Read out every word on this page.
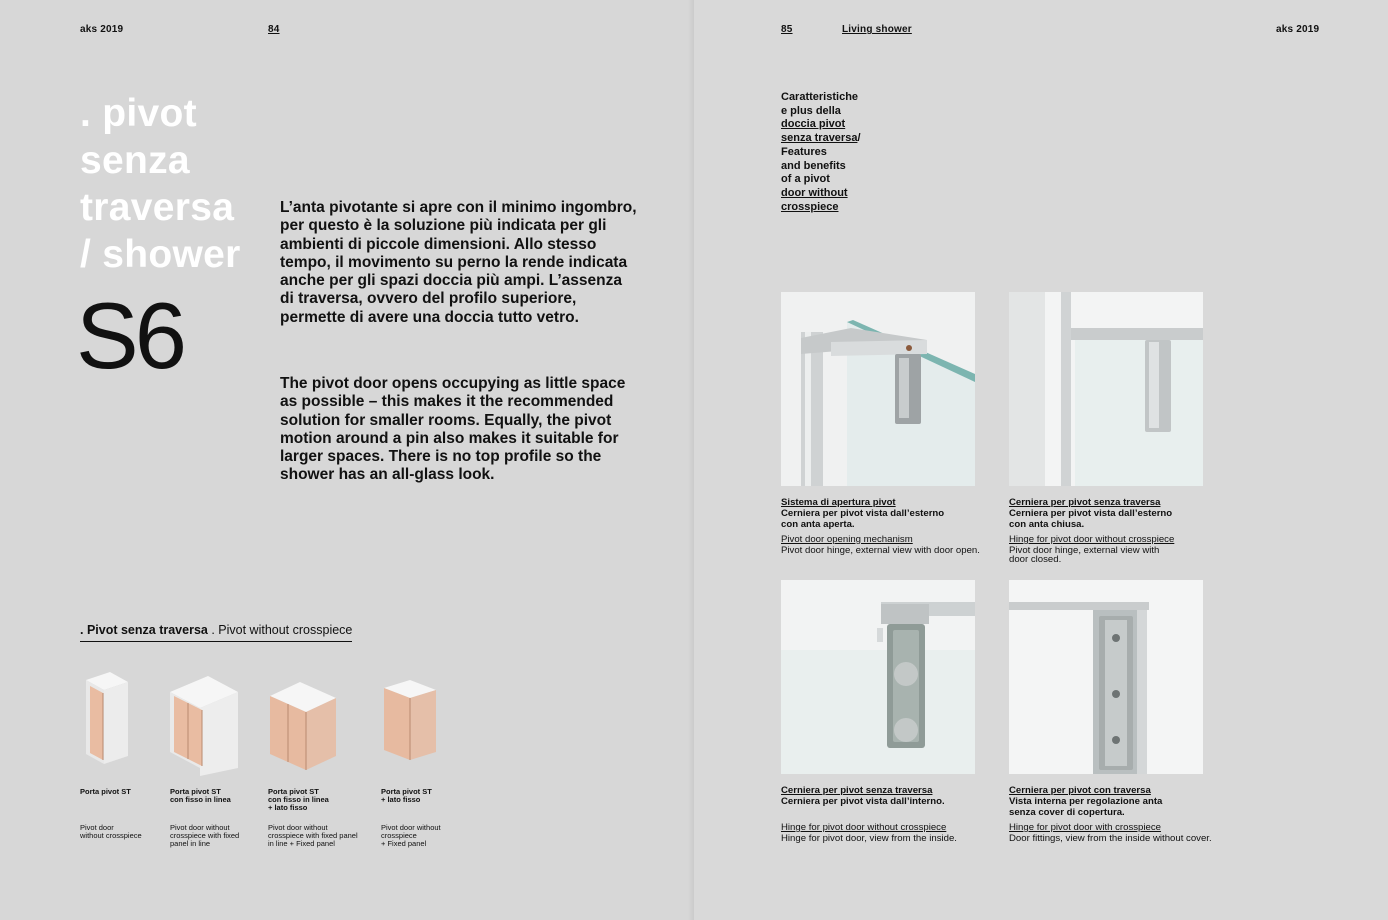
aks 2019	84
. pivot
senza
traversa
/ shower
S6
L’anta pivotante si apre con il minimo ingombro, per questo è la soluzione più indicata per gli ambienti di piccole dimensioni. Allo stesso tempo, il movimento su perno la rende indicata anche per gli spazi doccia più ampi. L’assenza di traversa, ovvero del profilo superiore, permette di avere una doccia tutto vetro.
The pivot door opens occupying as little space as possible – this makes it the recommended solution for smaller rooms. Equally, the pivot motion around a pin also makes it suitable for larger spaces. There is no top profile so the shower has an all-glass look.
. Pivot senza traversa . Pivot without crosspiece
Porta pivot ST	Porta pivot ST
con fisso in linea
Porta pivot ST
con fisso in linea
+ lato fisso
Porta pivot ST
+ lato fisso
Pivot door
without crosspiece
Pivot door without
crosspiece with fixed
panel in line
Pivot door without
crosspiece with fixed panel
in line + Fixed panel
Pivot door without
crosspiece
+ Fixed panel
85	Living shower	aks 2019
Caratteristiche
e plus della
doccia pivot
senza traversa/
Features
and benefits
of a pivot
door without
crosspiece
Sistema di apertura pivot
Cerniera per pivot vista dall’esterno
con anta aperta.
Pivot door opening mechanism
Pivot door hinge, external view with door open.
Cerniera per pivot senza traversa
Cerniera per pivot vista dall’esterno
con anta chiusa.
Hinge for pivot door without crosspiece
Pivot door hinge, external view with
door closed.
Cerniera per pivot senza traversa
Cerniera per pivot vista dall’interno.
Hinge for pivot door without crosspiece
Hinge for pivot door, view from the inside.
Cerniera per pivot con traversa
Vista interna per regolazione anta
senza cover di copertura.
Hinge for pivot door with crosspiece
Door fittings, view from the inside without cover.
